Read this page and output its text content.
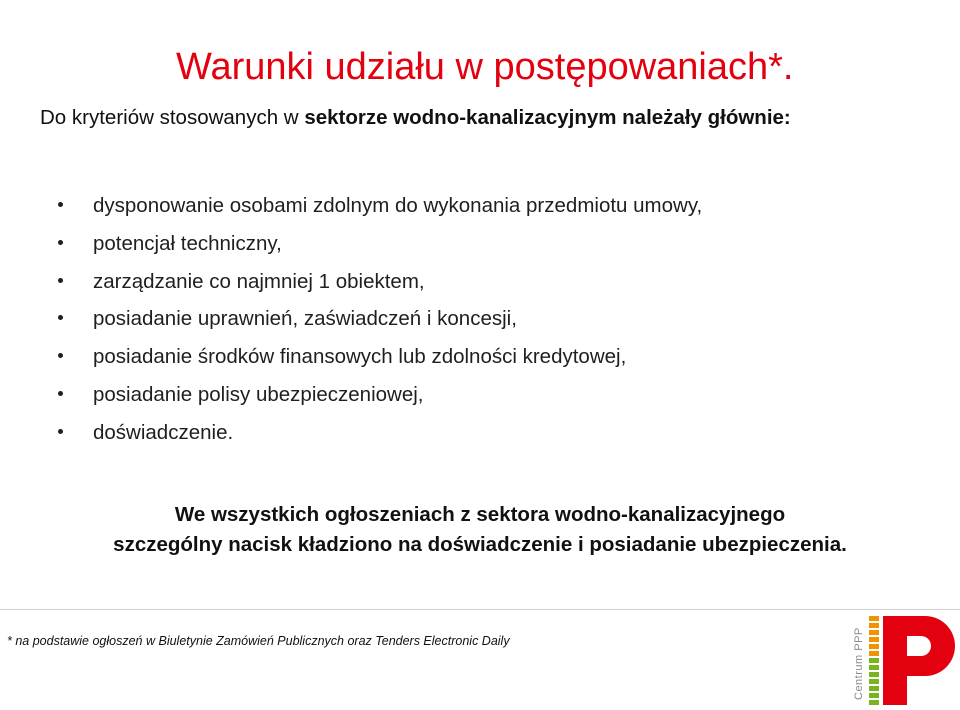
Warunki udziału w postępowaniach*.
Do kryteriów stosowanych w sektorze wodno-kanalizacyjnym należały głównie:
dysponowanie osobami zdolnym do wykonania przedmiotu umowy,
potencjał techniczny,
zarządzanie co najmniej 1 obiektem,
posiadanie uprawnień, zaświadczeń i koncesji,
posiadanie środków finansowych lub zdolności kredytowej,
posiadanie polisy ubezpieczeniowej,
doświadczenie.
We wszystkich ogłoszeniach z sektora wodno-kanalizacyjnego
szczególny nacisk kładziono na doświadczenie i posiadanie ubezpieczenia.
* na podstawie ogłoszeń w Biuletynie Zamówień Publicznych oraz Tenders Electronic Daily	Centrum PPP
